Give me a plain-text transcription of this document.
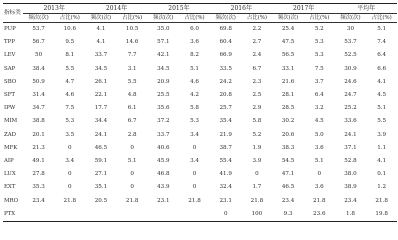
指标类	2013年		2014年		2015年		2016年		2017年		平均年	
	频次(次)	占比(%)	频次(次)	占比(%)	频次(次)	占比(%)	频次(次)	占比(%)	频次(次)	占比(%)	频次(次)	占比(%)
PUP	53.7	10.6	4.1	10.5	35.0	6.0	69.8	2.2	25.4	5.2	30	5.1
TPP	56.7	9.5	4.1	14.6	57.1	3.6	60.4	2.7	47.5	5.3	53.7	7.4
LEV	50	8.1	33.7	7.7	42.1	8.2	66.9	2.4	56.5	5.3	52.5	6.4
SAP	38.4	5.5	34.5	3.1	34.5	5.1	33.5	6.7	33.1	7.5	30.9	6.6
SBO	50.9	4.7	26.1	5.5	20.9	4.6	24.2	2.3	21.6	3.7	24.6	4.1
SFT	31.4	4.6	22.1	4.8	25.5	4.2	20.8	2.5	28.1	6.4	24.7	4.5
IPW	34.7	7.5	17.7	6.1	35.6	5.8	25.7	2.9	28.5	3.2	25.2	5.1
MIM	38.8	5.3	34.4	6.7	37.2	5.3	35.4	5.8	30.2	4.5	33.6	5.5
ZAD	20.1	3.5	24.1	2.8	33.7	3.4	21.9	5.2	20.6	5.0	24.1	3.9
MFK	21.3	0	46.5	0	40.6	0	38.7	1.9	38.3	3.6	37.1	1.1
AIP	49.1	3.4	59.1	5.1	45.9	3.4	55.4	3.9	54.5	5.1	52.8	4.1
LUX	27.8	0	27.1	0	46.8	0	41.9	0	47.1	0	38.0	0.1
EXT	35.3	0	35.1	0	43.9	0	32.4	1.7	46.5	3.6	38.9	1.2
MRO	23.4	21.8	20.5	21.8	23.1	21.8	23.1	21.8	23.4	21.8	23.4	21.8
PTX							0	100	9.3	23.6	1.8	19.8
